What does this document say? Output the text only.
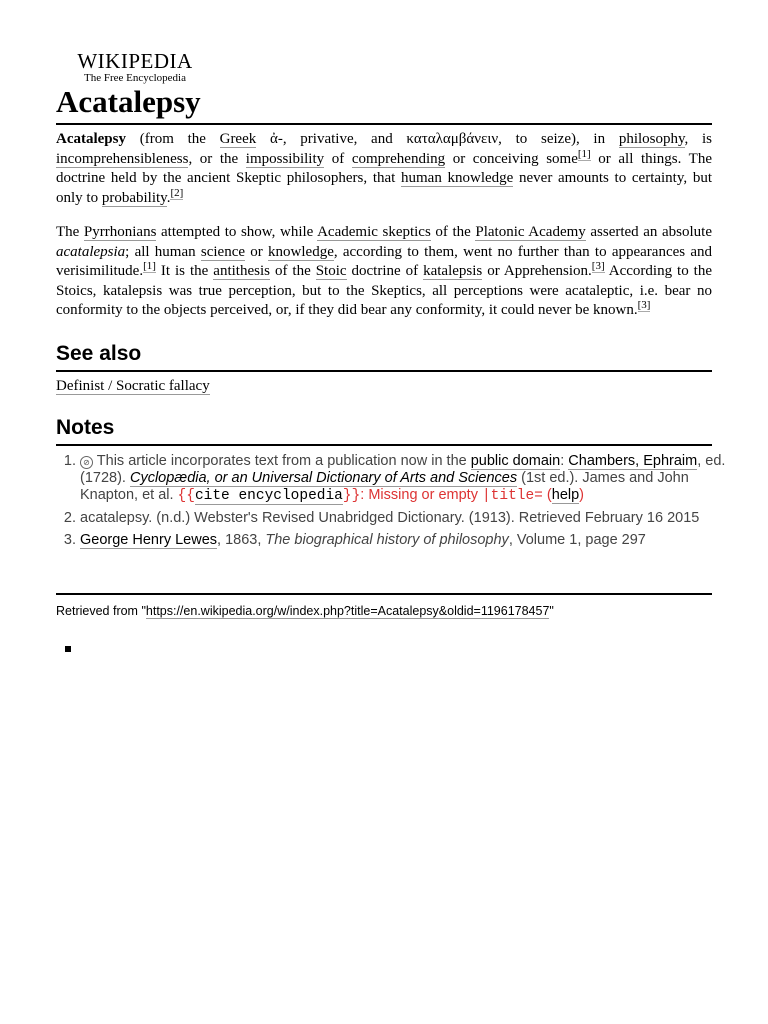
WIKIPEDIA
The Free Encyclopedia
Acatalepsy

Acatalepsy (from the Greek ἀ-, privative, and καταλαμβάνειν, to seize), in philosophy, is incomprehensibleness, or the impossibility of comprehending or conceiving some[1] or all things. The doctrine held by the ancient Skeptic philosophers, that human knowledge never amounts to certainty, but only to probability.[2]

The Pyrrhonians attempted to show, while Academic skeptics of the Platonic Academy asserted an absolute acatalepsia; all human science or knowledge, according to them, went no further than to appearances and verisimilitude.[1] It is the antithesis of the Stoic doctrine of katalepsis or Apprehension.[3] According to the Stoics, katalepsis was true perception, but to the Skeptics, all perceptions were acataleptic, i.e. bear no conformity to the objects perceived, or, if they did bear any conformity, it could never be known.[3]

See also
Definist / Socratic fallacy
Notes
1. ⊘ This article incorporates text from a publication now in the public domain: Chambers, Ephraim, ed. (1728). Cyclopædia, or an Universal Dictionary of Arts and Sciences (1st ed.). James and John Knapton, et al. {{cite encyclopedia}}: Missing or empty |title= (help)
2. acatalepsy. (n.d.) Webster's Revised Unabridged Dictionary. (1913). Retrieved February 16 2015
3. George Henry Lewes, 1863, The biographical history of philosophy, Volume 1, page 297
Retrieved from "https://en.wikipedia.org/w/index.php?title=Acatalepsy&oldid=1196178457"
